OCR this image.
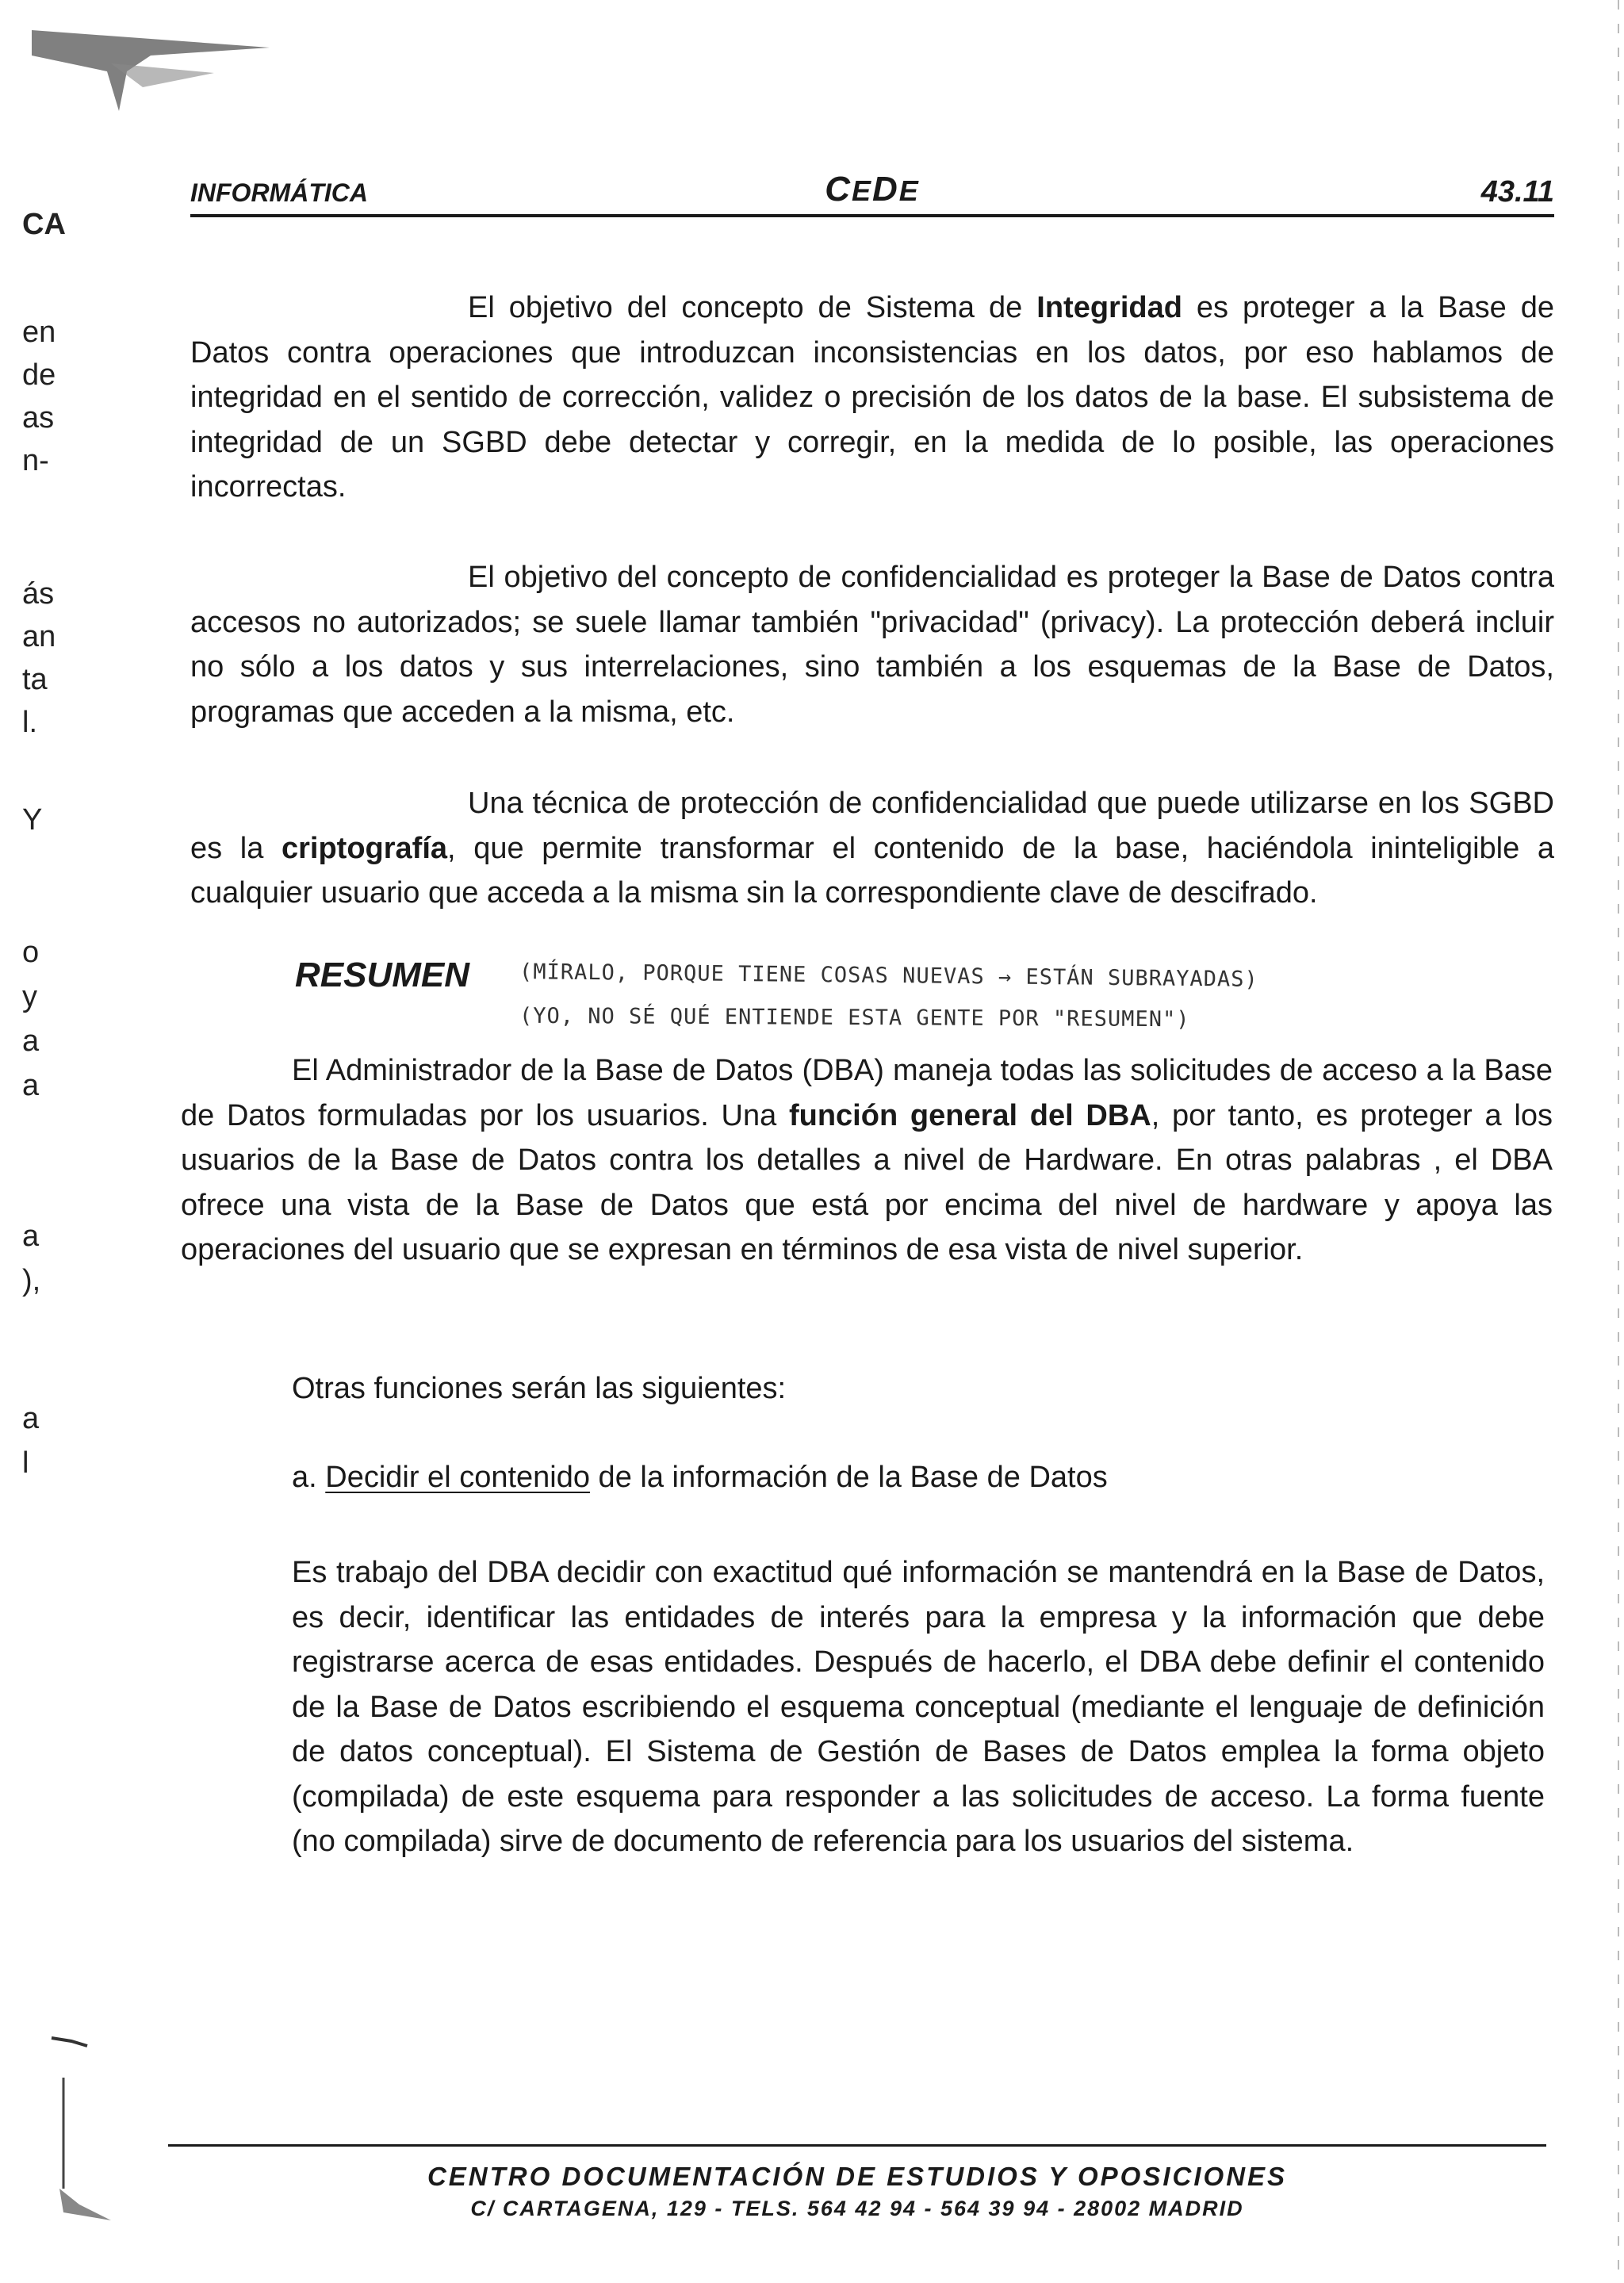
CA
en
de
as
n-
ás
an
ta
l.
Y
o
y
a
a
a
),
a
l
INFORMÁTICA	CEDE	43.11

El objetivo del concepto de Sistema de Integridad es proteger a la Base de Datos contra operaciones que introduzcan inconsistencias en los datos, por eso hablamos de integridad en el sentido de corrección, validez o precisión de los datos de la base. El subsistema de integridad de un SGBD debe detectar y corregir, en la medida de lo posible, las operaciones incorrectas.

El objetivo del concepto de confidencialidad es proteger la Base de Datos contra accesos no autorizados; se suele llamar también "privacidad" (privacy). La protección deberá incluir no sólo a los datos y sus interrelaciones, sino también a los esquemas de la Base de Datos, programas que acceden a la misma, etc.

Una técnica de protección de confidencialidad que puede utilizarse en los SGBD es la criptografía, que permite transformar el contenido de la base, haciéndola ininteligible a cualquier usuario que acceda a la misma sin la correspondiente clave de descifrado.

RESUMEN (MÍRALO, PORQUE TIENE COSAS NUEVAS → ESTÁN SUBRAYADAS)
(YO, NO SÉ QUÉ ENTIENDE ESTA GENTE POR "RESUMEN")

El Administrador de la Base de Datos (DBA) maneja todas las solicitudes de acceso a la Base de Datos formuladas por los usuarios. Una función general del DBA, por tanto, es proteger a los usuarios de la Base de Datos contra los detalles a nivel de Hardware. En otras palabras , el DBA ofrece una vista de la Base de Datos que está por encima del nivel de hardware y apoya las operaciones del usuario que se expresan en términos de esa vista de nivel superior.

Otras funciones serán las siguientes:

a. Decidir el contenido de la información de la Base de Datos

Es trabajo del DBA decidir con exactitud qué información se mantendrá en la Base de Datos, es decir, identificar las entidades de interés para la empresa y la información que debe registrarse acerca de esas entidades. Después de hacerlo, el DBA debe definir el contenido de la Base de Datos escribiendo el esquema conceptual (mediante el lenguaje de definición de datos conceptual). El Sistema de Gestión de Bases de Datos emplea la forma objeto (compilada) de este esquema para responder a las solicitudes de acceso. La forma fuente (no compilada) sirve de documento de referencia para los usuarios del sistema.

CENTRO DOCUMENTACIÓN DE ESTUDIOS Y OPOSICIONES
C/ CARTAGENA, 129 - TELS. 564 42 94 - 564 39 94 - 28002 MADRID
